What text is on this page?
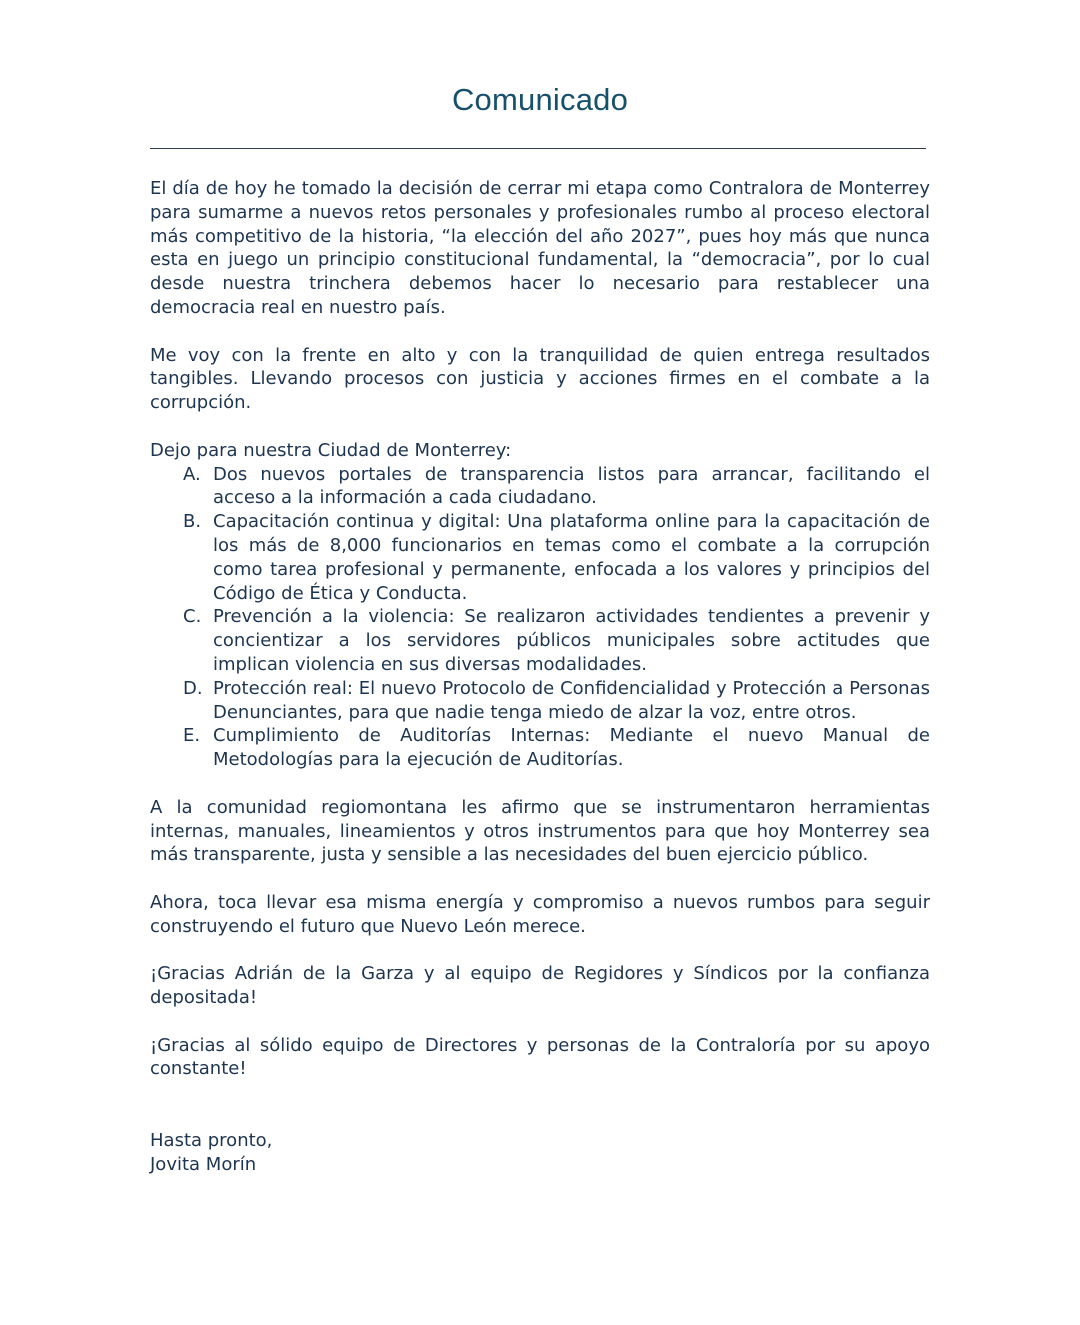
Comunicado

El día de hoy he tomado la decisión de cerrar mi etapa como Contralora de Monterrey para sumarme a nuevos retos personales y profesionales rumbo al proceso electoral más competitivo de la historia, “la elección del año 2027”, pues hoy más que nunca esta en juego un principio constitucional fundamental, la “democracia”, por lo cual desde nuestra trinchera debemos hacer lo necesario para restablecer una democracia real en nuestro país.

Me voy con la frente en alto y con la tranquilidad de quien entrega resultados tangibles. Llevando procesos con justicia y acciones firmes en el combate a la corrupción.

Dejo para nuestra Ciudad de Monterrey:

A. Dos nuevos portales de transparencia listos para arrancar, facilitando el acceso a la información a cada ciudadano.
B. Capacitación continua y digital: Una plataforma online para la capacitación de los más de 8,000 funcionarios en temas como el combate a la corrupción como tarea profesional y permanente, enfocada a los valores y principios del Código de Ética y Conducta.
C. Prevención a la violencia: Se realizaron actividades tendientes a prevenir y concientizar a los servidores públicos municipales sobre actitudes que implican violencia en sus diversas modalidades.
D. Protección real: El nuevo Protocolo de Confidencialidad y Protección a Personas Denunciantes, para que nadie tenga miedo de alzar la voz, entre otros.
E. Cumplimiento de Auditorías Internas: Mediante el nuevo Manual de Metodologías para la ejecución de Auditorías.

A la comunidad regiomontana les afirmo que se instrumentaron herramientas internas, manuales, lineamientos y otros instrumentos para que hoy Monterrey sea más transparente, justa y sensible a las necesidades del buen ejercicio público.

Ahora, toca llevar esa misma energía y compromiso a nuevos rumbos para seguir construyendo el futuro que Nuevo León merece.

¡Gracias Adrián de la Garza y al equipo de Regidores y Síndicos por la confianza depositada!

¡Gracias al sólido equipo de Directores y personas de la Contraloría por su apoyo constante!

Hasta pronto,

Jovita Morín
